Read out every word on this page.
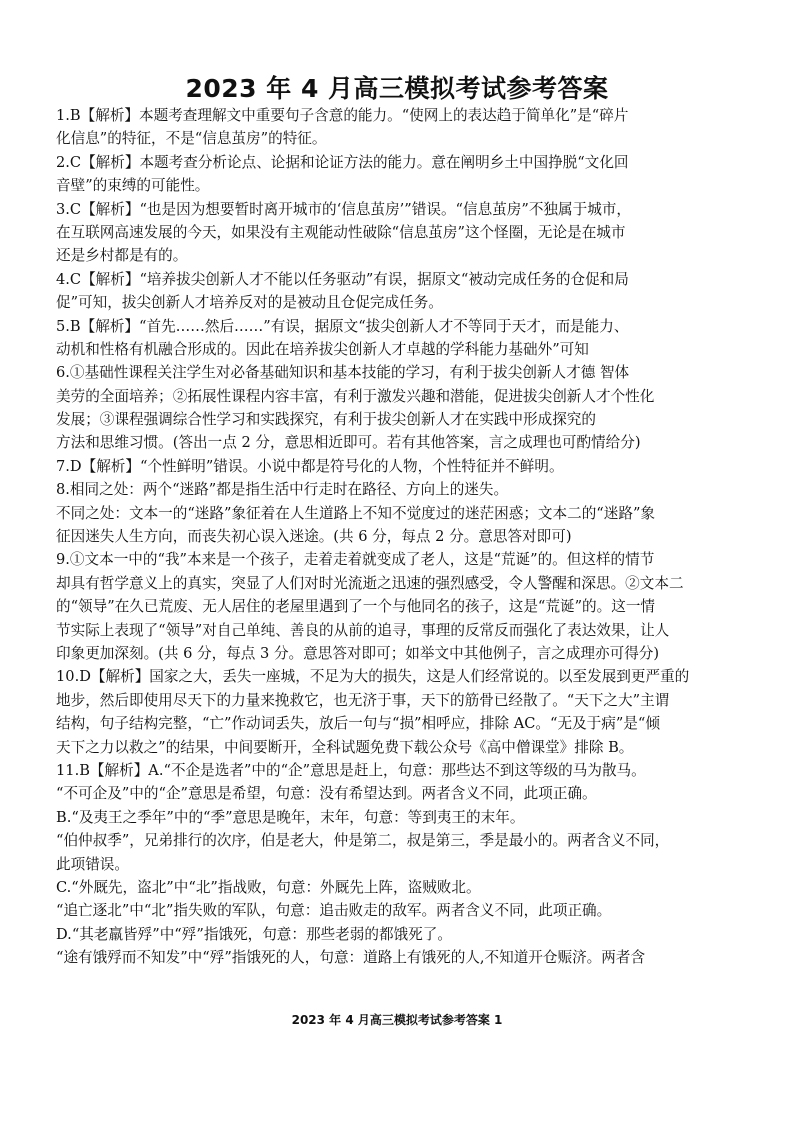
2023 年 4 月高三模拟考试参考答案
1.B【解析】本题考查理解文中重要句子含意的能力。“使网上的表达趋于简单化”是“碎片
化信息”的特征，不是“信息茧房”的特征。
2.C【解析】本题考查分析论点、论据和论证方法的能力。意在阐明乡土中国挣脱“文化回
音壁”的束缚的可能性。
3.C【解析】“也是因为想要暂时离开城市的‘信息茧房’”错误。“信息茧房”不独属于城市，
在互联网高速发展的今天，如果没有主观能动性破除“信息茧房”这个怪圈，无论是在城市
还是乡村都是有的。
4.C【解析】“培养拔尖创新人才不能以任务驱动”有误，据原文“被动完成任务的仓促和局
促”可知，拔尖创新人才培养反对的是被动且仓促完成任务。
5.B【解析】“首先……然后……”有误，据原文“拔尖创新人才不等同于天才，而是能力、
动机和性格有机融合形成的。因此在培养拔尖创新人才卓越的学科能力基础外”可知
6.①基础性课程关注学生对必备基础知识和基本技能的学习，有利于拔尖创新人才德 智体
美劳的全面培养；②拓展性课程内容丰富，有利于激发兴趣和潜能，促进拔尖创新人才个性化
发展；③课程强调综合性学习和实践探究，有利于拔尖创新人才在实践中形成探究的
方法和思维习惯。(答出一点 2 分，意思相近即可。若有其他答案，言之成理也可酌情给分)
7.D【解析】“个性鲜明”错误。小说中都是符号化的人物，个性特征并不鲜明。
8.相同之处：两个“迷路”都是指生活中行走时在路径、方向上的迷失。
不同之处：文本一的“迷路”象征着在人生道路上不知不觉度过的迷茫困惑；文本二的“迷路”象
征因迷失人生方向，而丧失初心误入迷途。(共 6 分，每点 2 分。意思答对即可)
9.①文本一中的“我”本来是一个孩子，走着走着就变成了老人，这是“荒诞”的。但这样的情节
却具有哲学意义上的真实，突显了人们对时光流逝之迅速的强烈感受，令人警醒和深思。②文本二
的“领导”在久已荒废、无人居住的老屋里遇到了一个与他同名的孩子，这是“荒诞”的。这一情
节实际上表现了“领导”对自己单纯、善良的从前的追寻，事理的反常反而强化了表达效果，让人
印象更加深刻。(共 6 分，每点 3 分。意思答对即可；如举文中其他例子，言之成理亦可得分)
10.D【解析】国家之大，丢失一座城，不足为大的损失，这是人们经常说的。以至发展到更严重的
地步，然后即使用尽天下的力量来挽救它，也无济于事，天下的筋骨已经散了。“天下之大”主谓
结构，句子结构完整，“亡”作动词丢失，放后一句与“损”相呼应，排除 AC。“无及于病”是“倾
天下之力以救之”的结果，中间要断开，全科试题免费下载公众号《高中僧课堂》排除 B。
11.B【解析】A.“不企是选者”中的“企”意思是赶上，句意：那些达不到这等级的马为散马。
“不可企及”中的“企”意思是希望，句意：没有希望达到。两者含义不同，此项正确。
B.“及夷王之季年”中的“季”意思是晚年，末年，句意：等到夷王的末年。
“伯仲叔季”，兄弟排行的次序，伯是老大，仲是第二，叔是第三，季是最小的。两者含义不同，
此项错误。
C.“外厩先，盗北”中“北”指战败，句意：外厩先上阵，盗贼败北。
“追亡逐北”中“北”指失败的军队，句意：追击败走的敌军。两者含义不同，此项正确。
D.“其老羸皆殍”中“殍”指饿死，句意：那些老弱的都饿死了。
“途有饿殍而不知发”中“殍”指饿死的人，句意：道路上有饿死的人,不知道开仓赈济。两者含
2023 年 4 月高三模拟考试参考答案 1
